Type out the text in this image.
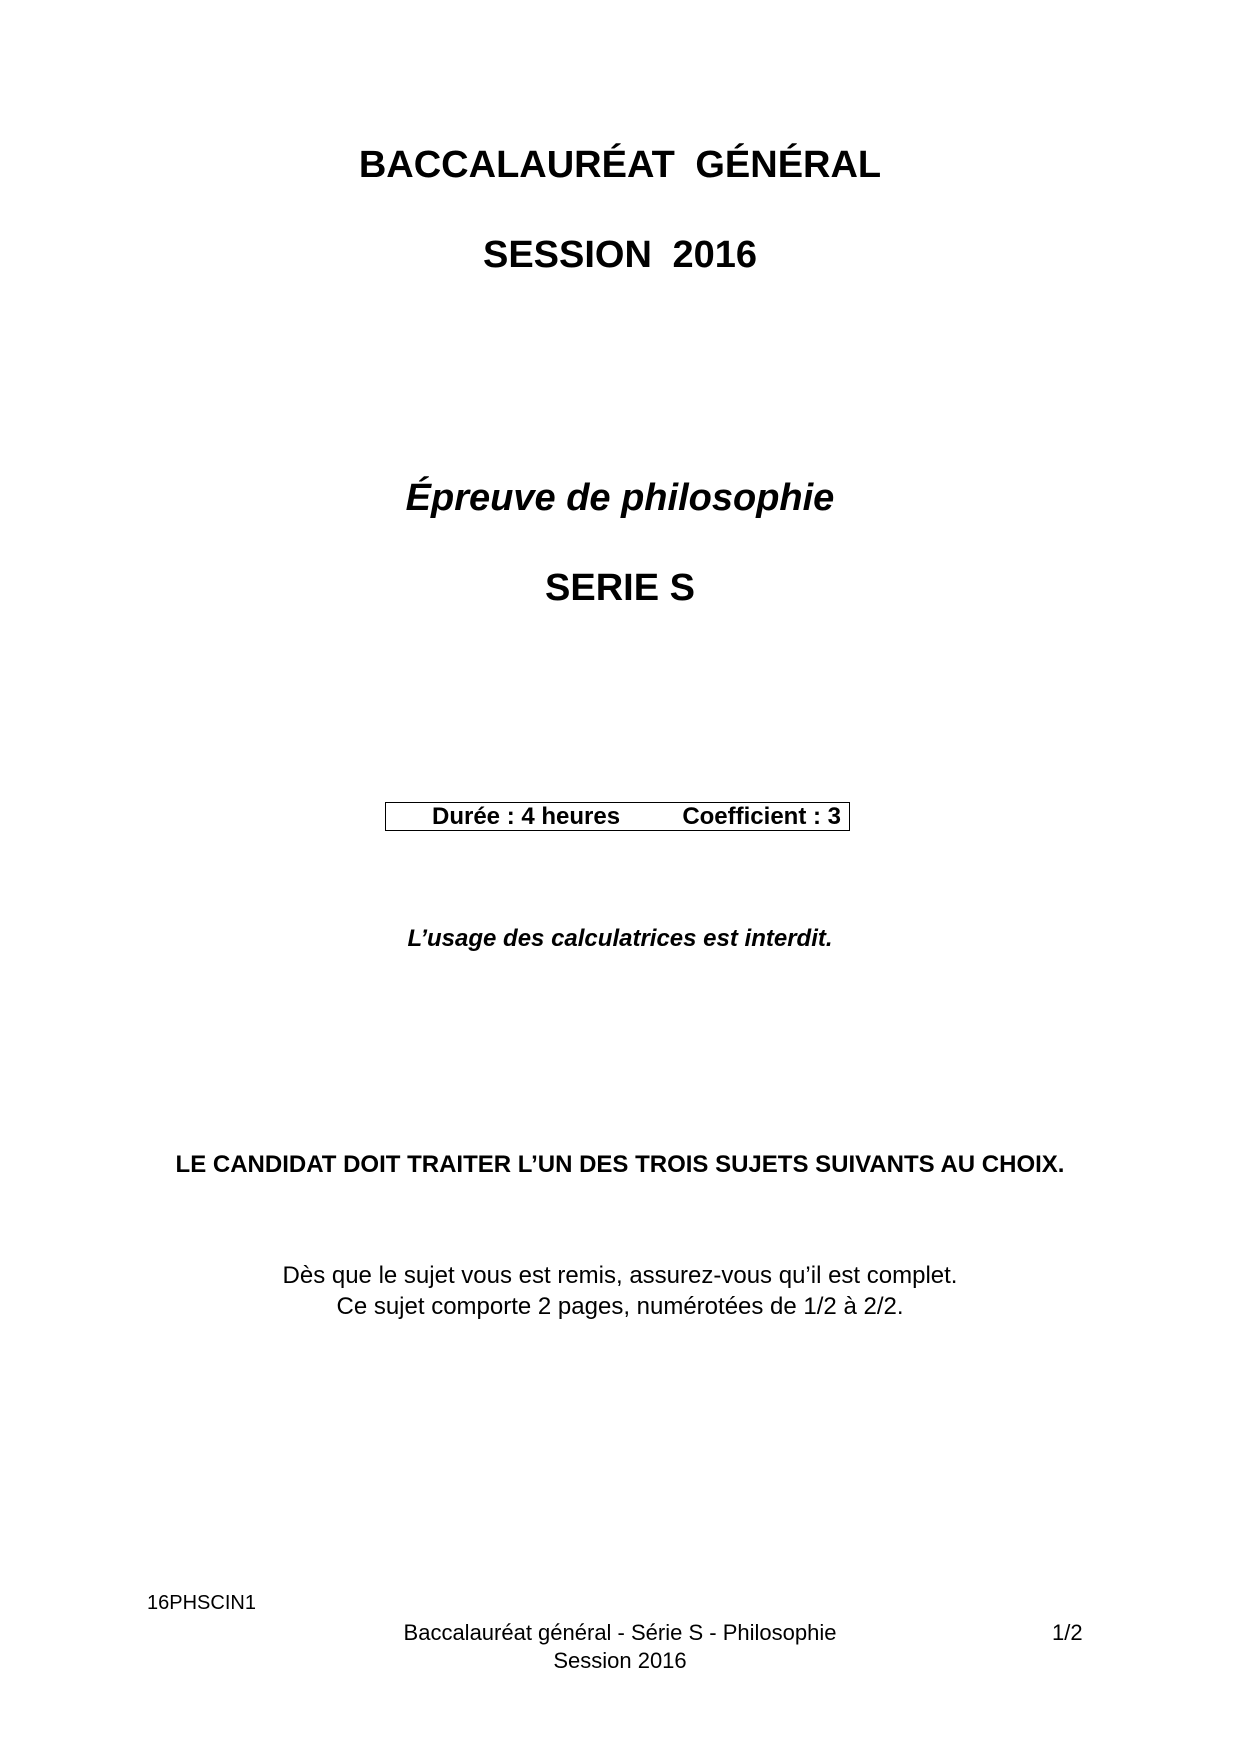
BACCALAURÉAT GÉNÉRAL
SESSION 2016
Épreuve de philosophie
SERIE S
Durée : 4 heures	Coefficient : 3
L’usage des calculatrices est interdit.
LE CANDIDAT DOIT TRAITER L’UN DES TROIS SUJETS SUIVANTS AU CHOIX.
Dès que le sujet vous est remis, assurez-vous qu’il est complet.
Ce sujet comporte 2 pages, numérotées de 1/2 à 2/2.
16PHSCIN1
Baccalauréat général - Série S - Philosophie
Session 2016
1/2
